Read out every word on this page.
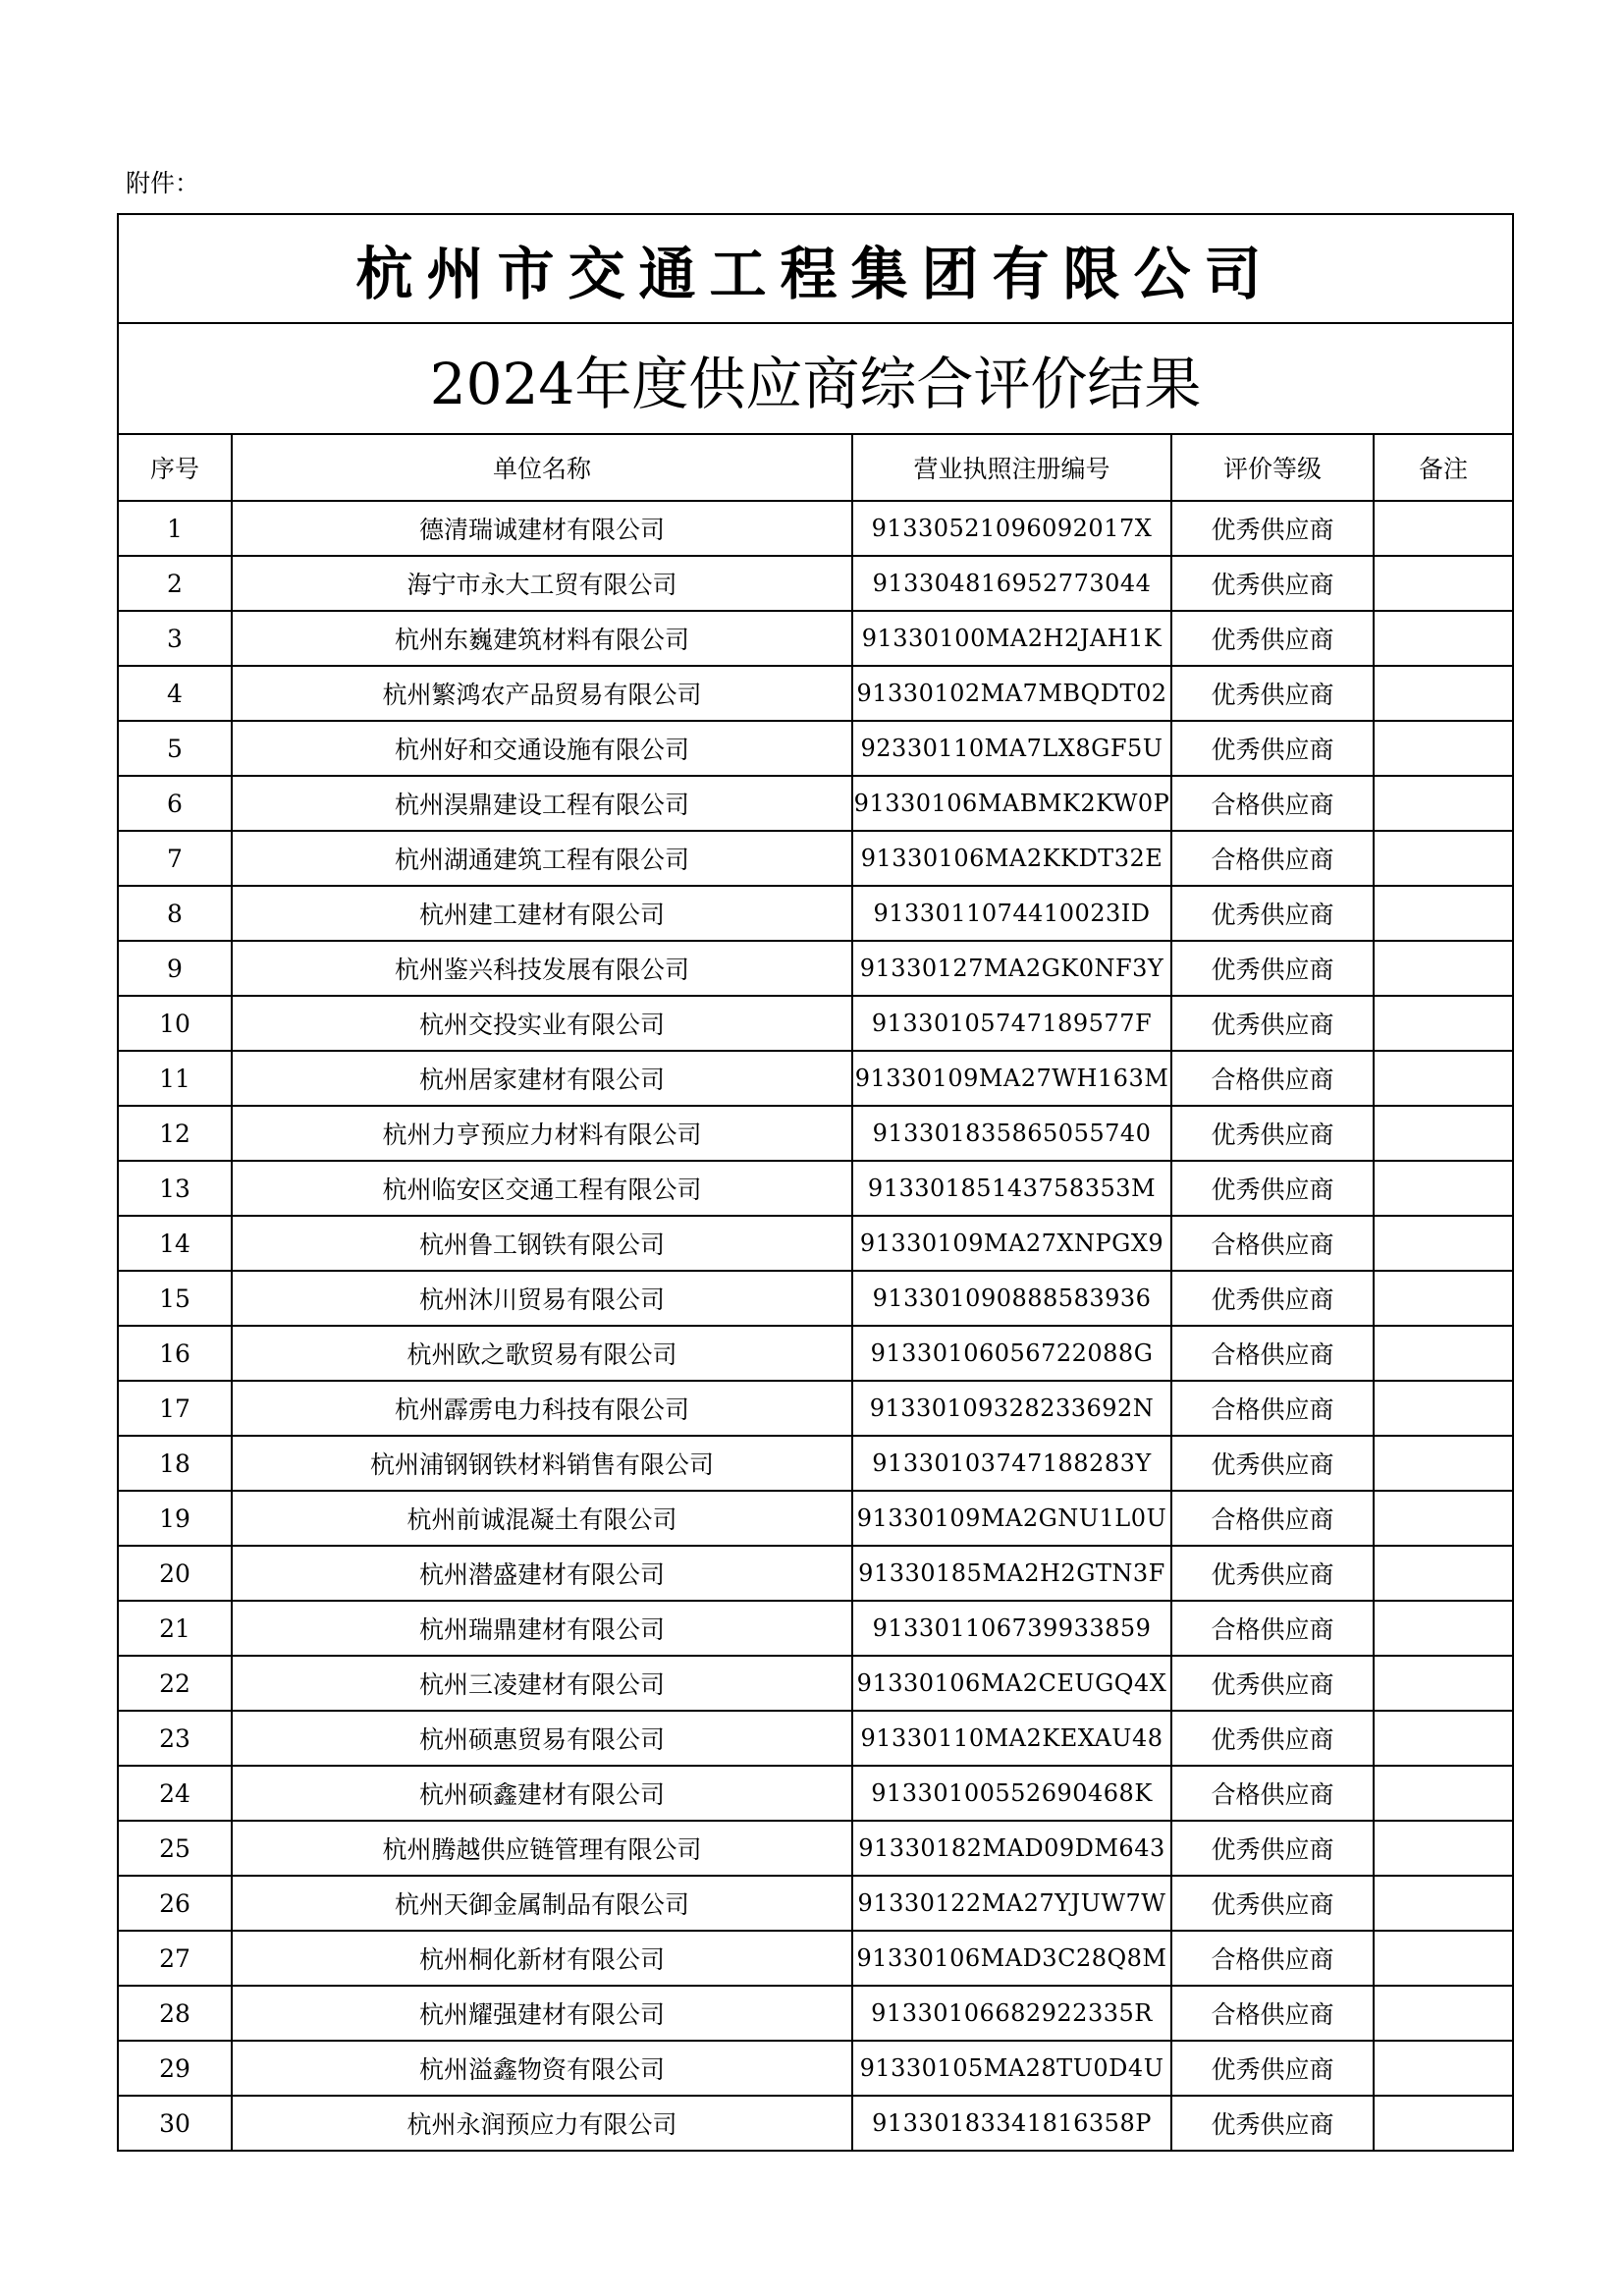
附件：
杭州市交通工程集团有限公司				
2024年度供应商综合评价结果				
序号	单位名称	营业执照注册编号	评价等级	备注
1	德清瑞诚建材有限公司	91330521096092017X	优秀供应商	
2	海宁市永大工贸有限公司	913304816952773044	优秀供应商	
3	杭州东巍建筑材料有限公司	91330100MA2H2JAH1K	优秀供应商	
4	杭州繁鸿农产品贸易有限公司	91330102MA7MBQDT02	优秀供应商	
5	杭州好和交通设施有限公司	92330110MA7LX8GF5U	优秀供应商	
6	杭州淏鼎建设工程有限公司	91330106MABMK2KW0P	合格供应商	
7	杭州湖通建筑工程有限公司	91330106MA2KKDT32E	合格供应商	
8	杭州建工建材有限公司	9133011074410023ID	优秀供应商	
9	杭州鉴兴科技发展有限公司	91330127MA2GK0NF3Y	优秀供应商	
10	杭州交投实业有限公司	91330105747189577F	优秀供应商	
11	杭州居家建材有限公司	91330109MA27WH163M	合格供应商	
12	杭州力亨预应力材料有限公司	913301835865055740	优秀供应商	
13	杭州临安区交通工程有限公司	91330185143758353M	优秀供应商	
14	杭州鲁工钢铁有限公司	91330109MA27XNPGX9	合格供应商	
15	杭州沐川贸易有限公司	913301090888583936	优秀供应商	
16	杭州欧之歌贸易有限公司	91330106056722088G	合格供应商	
17	杭州霹雳电力科技有限公司	91330109328233692N	合格供应商	
18	杭州浦钢钢铁材料销售有限公司	91330103747188283Y	优秀供应商	
19	杭州前诚混凝土有限公司	91330109MA2GNU1L0U	合格供应商	
20	杭州潜盛建材有限公司	91330185MA2H2GTN3F	优秀供应商	
21	杭州瑞鼎建材有限公司	913301106739933859	合格供应商	
22	杭州三凌建材有限公司	91330106MA2CEUGQ4X	优秀供应商	
23	杭州硕惠贸易有限公司	91330110MA2KEXAU48	优秀供应商	
24	杭州硕鑫建材有限公司	91330100552690468K	合格供应商	
25	杭州腾越供应链管理有限公司	91330182MAD09DM643	优秀供应商	
26	杭州天御金属制品有限公司	91330122MA27YJUW7W	优秀供应商	
27	杭州桐化新材有限公司	91330106MAD3C28Q8M	合格供应商	
28	杭州耀强建材有限公司	91330106682922335R	合格供应商	
29	杭州溢鑫物资有限公司	91330105MA28TU0D4U	优秀供应商	
30	杭州永润预应力有限公司	91330183341816358P	优秀供应商	
